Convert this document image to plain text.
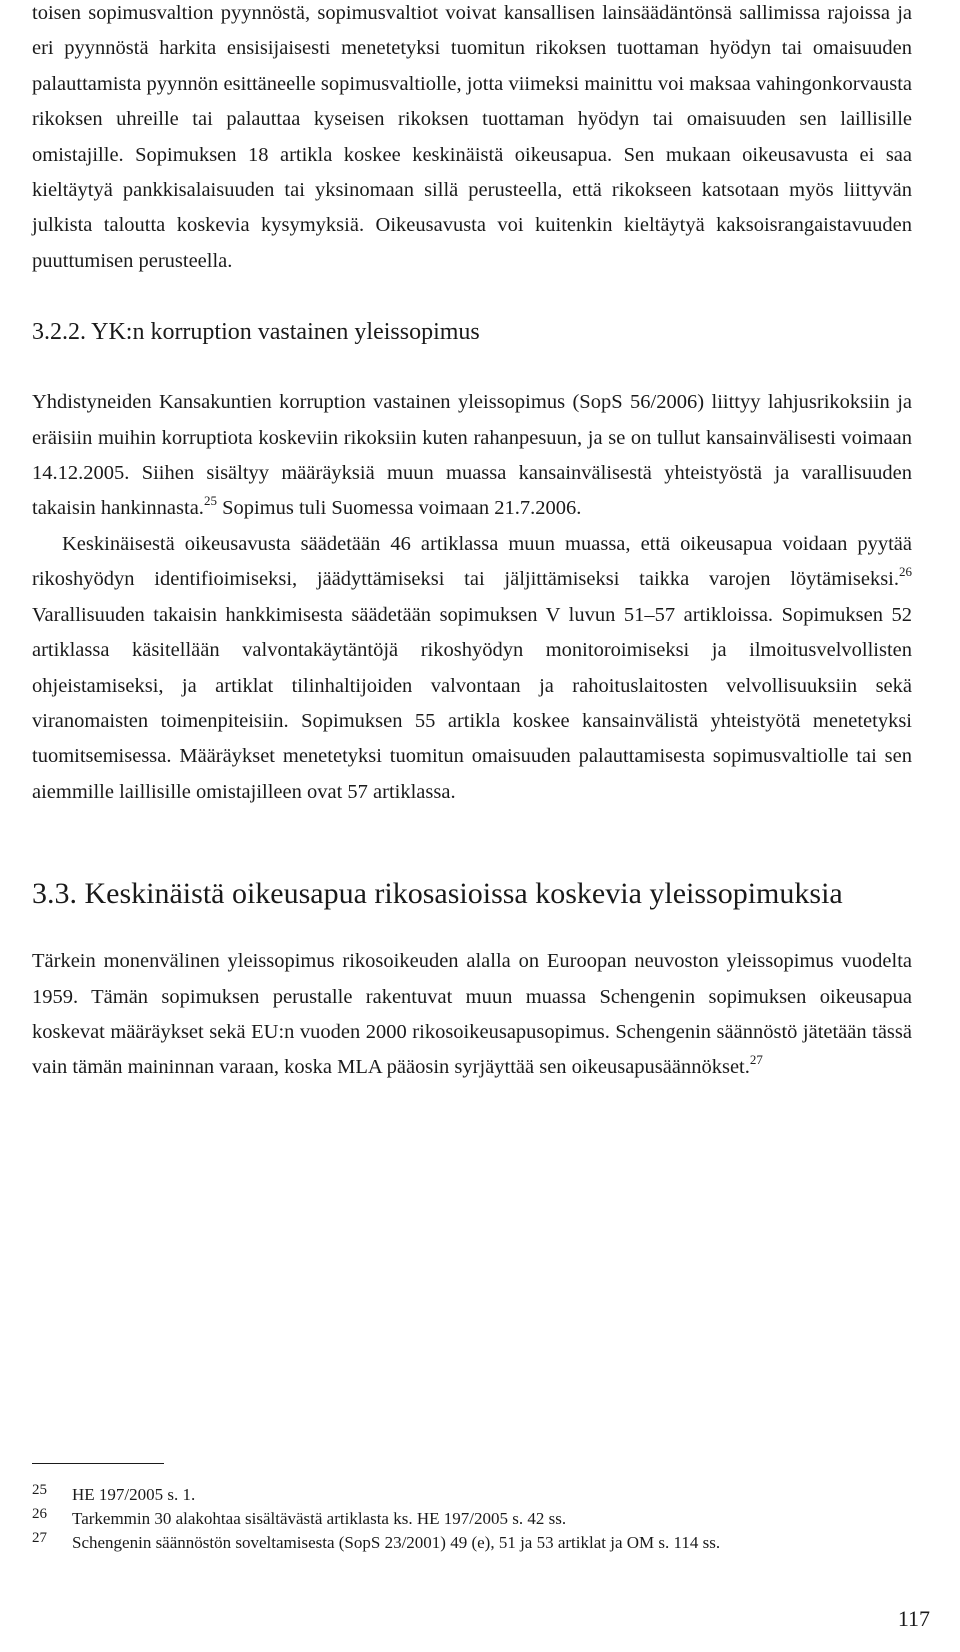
toisen sopimusvaltion pyynnöstä, sopimusvaltiot voivat kansallisen lainsäädäntönsä sallimissa rajoissa ja eri pyynnöstä harkita ensisijaisesti menetetyksi tuomitun rikoksen tuottaman hyödyn tai omaisuuden palauttamista pyynnön esittäneelle sopimusvaltiolle, jotta viimeksi mainittu voi maksaa vahingonkorvausta rikoksen uhreille tai palauttaa kyseisen rikoksen tuottaman hyödyn tai omaisuuden sen laillisille omistajille. Sopimuksen 18 artikla koskee keskinäistä oikeusapua. Sen mukaan oikeusavusta ei saa kieltäytyä pankkisalaisuuden tai yksinomaan sillä perusteella, että rikokseen katsotaan myös liittyvän julkista taloutta koskevia kysymyksiä. Oikeusavusta voi kuitenkin kieltäytyä kaksoisrangaistavuuden puuttumisen perusteella.

3.2.2. YK:n korruption vastainen yleissopimus

Yhdistyneiden Kansakuntien korruption vastainen yleissopimus (SopS 56/2006) liittyy lahjusrikoksiin ja eräisiin muihin korruptiota koskeviin rikoksiin kuten rahanpesuun, ja se on tullut kansainvälisesti voimaan 14.12.2005. Siihen sisältyy määräyksiä muun muassa kansainvälisestä yhteistyöstä ja varallisuuden takaisin hankinnasta.$^{25}$ Sopimus tuli Suomessa voimaan 21.7.2006.

Keskinäisestä oikeusavusta säädetään 46 artiklassa muun muassa, että oikeusapua voidaan pyytää rikoshyödyn identifioimiseksi, jäädyttämiseksi tai jäljittämiseksi taikka varojen löytämiseksi.$^{26}$ Varallisuuden takaisin hankkimisesta säädetään sopimuksen V luvun 51–57 artikloissa. Sopimuksen 52 artiklassa käsitellään valvontakäytäntöjä rikoshyödyn monitoroimiseksi ja ilmoitusvelvollisten ohjeistamiseksi, ja artiklat tilinhaltijoiden valvontaan ja rahoituslaitosten velvollisuuksiin sekä viranomaisten toimenpiteisiin. Sopimuksen 55 artikla koskee kansainvälistä yhteistyötä menetetyksi tuomitsemisessa. Määräykset menetetyksi tuomitun omaisuuden palauttamisesta sopimusvaltiolle tai sen aiemmille laillisille omistajilleen ovat 57 artiklassa.

3.3. Keskinäistä oikeusapua rikosasioissa koskevia yleissopimuksia

Tärkein monenvälinen yleissopimus rikosoikeuden alalla on Euroopan neuvoston yleissopimus vuodelta 1959. Tämän sopimuksen perustalle rakentuvat muun muassa Schengenin sopimuksen oikeusapua koskevat määräykset sekä EU:n vuoden 2000 rikosoikeusapusopimus. Schengenin säännöstö jätetään tässä vain tämän maininnan varaan, koska MLA pääosin syrjäyttää sen oikeusapusäännökset.$^{27}$

25	HE 197/2005 s. 1.
26	Tarkemmin 30 alakohtaa sisältävästä artiklasta ks. HE 197/2005 s. 42 ss.
27	Schengenin säännöstön soveltamisesta (SopS 23/2001) 49 (e), 51 ja 53 artiklat ja OM s. 114 ss.
117
